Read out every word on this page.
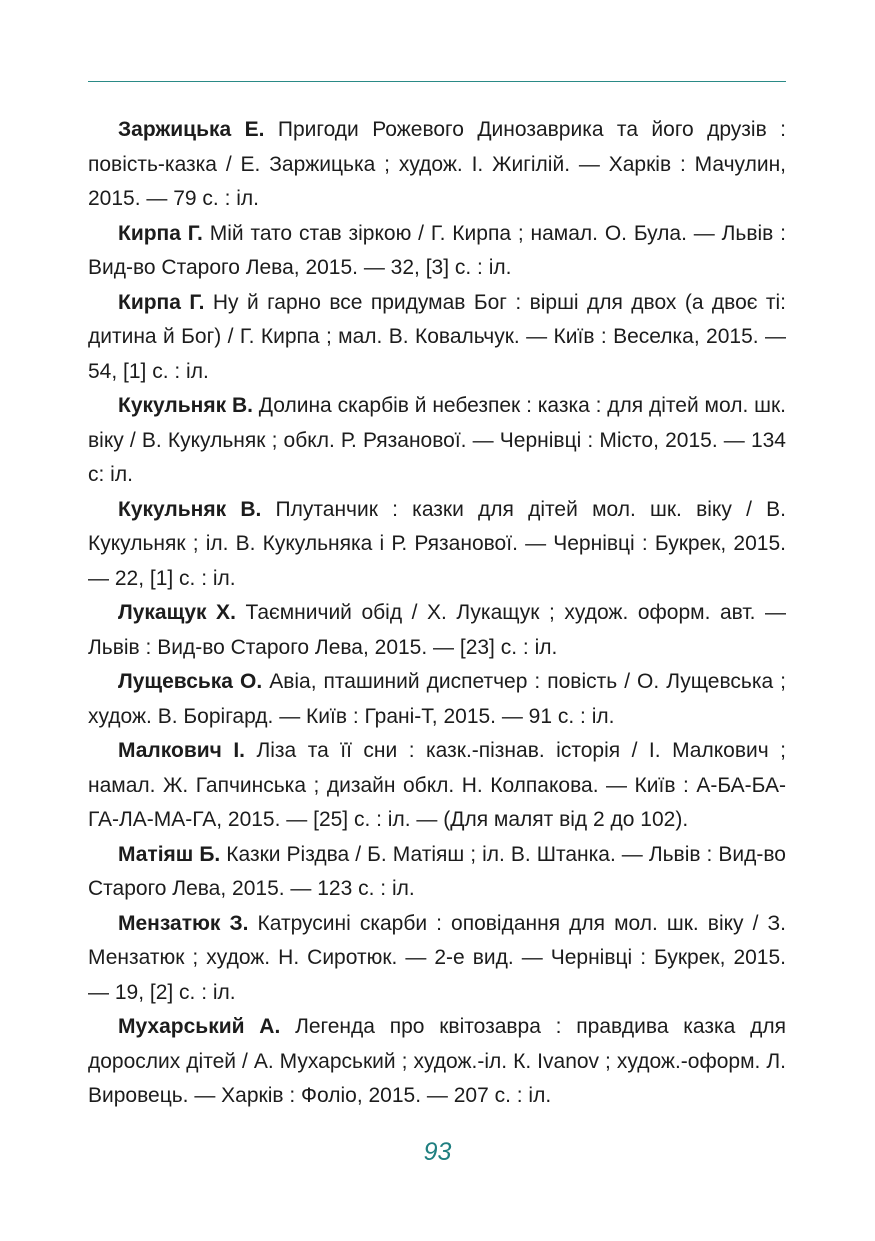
Заржицька Е. Пригоди Рожевого Динозаврика та його друзів : повість-казка / Е. Заржицька ; худож. І. Жигілій. — Харків : Мачулин, 2015. — 79 с. : іл.

Кирпа Г. Мій тато став зіркою / Г. Кирпа ; намал. О. Була. — Львів : Вид-во Старого Лева, 2015. — 32, [3] с. : іл.

Кирпа Г. Ну й гарно все придумав Бог : вірші для двох (а двоє ті: дитина й Бог) / Г. Кирпа ; мал. В. Ковальчук. — Київ : Веселка, 2015. — 54, [1] с. : іл.

Кукульняк В. Долина скарбів й небезпек : казка : для дітей мол. шк. віку / В. Кукульняк ; обкл. Р. Рязанової. — Чернівці : Місто, 2015. — 134 с: іл.

Кукульняк В. Плутанчик : казки для дітей мол. шк. віку / В. Кукульняк ; іл. В. Кукульняка і Р. Рязанової. — Чернівці : Букрек, 2015. — 22, [1] с. : іл.

Лукащук Х. Таємничий обід / Х. Лукащук ; худож. оформ. авт. — Львів : Вид-во Старого Лева, 2015. — [23] с. : іл.

Лущевська О. Авіа, пташиний диспетчер : повість / О. Лущевська ; худож. В. Борігард. — Київ : Грані-Т, 2015. — 91 с. : іл.

Малкович І. Ліза та її сни : казк.-пізнав. історія / І. Малкович ; намал. Ж. Гапчинська ; дизайн обкл. Н. Колпакова. — Київ : А-БА-БА-ГА-ЛА-МА-ГА, 2015. — [25] с. : іл. — (Для малят від 2 до 102).

Матіяш Б. Казки Різдва / Б. Матіяш ; іл. В. Штанка. — Львів : Вид-во Старого Лева, 2015. — 123 с. : іл.

Мензатюк З. Катрусині скарби : оповідання для мол. шк. віку / З. Мензатюк ; худож. Н. Сиротюк. — 2-е вид. — Чернівці : Букрек, 2015. — 19, [2] с. : іл.

Мухарський А. Легенда про квітозавра : правдива казка для дорослих дітей / А. Мухарський ; худож.-іл. К. Ivanov ; худож.-оформ. Л. Вировець. — Харків : Фоліо, 2015. — 207 с. : іл.

93
